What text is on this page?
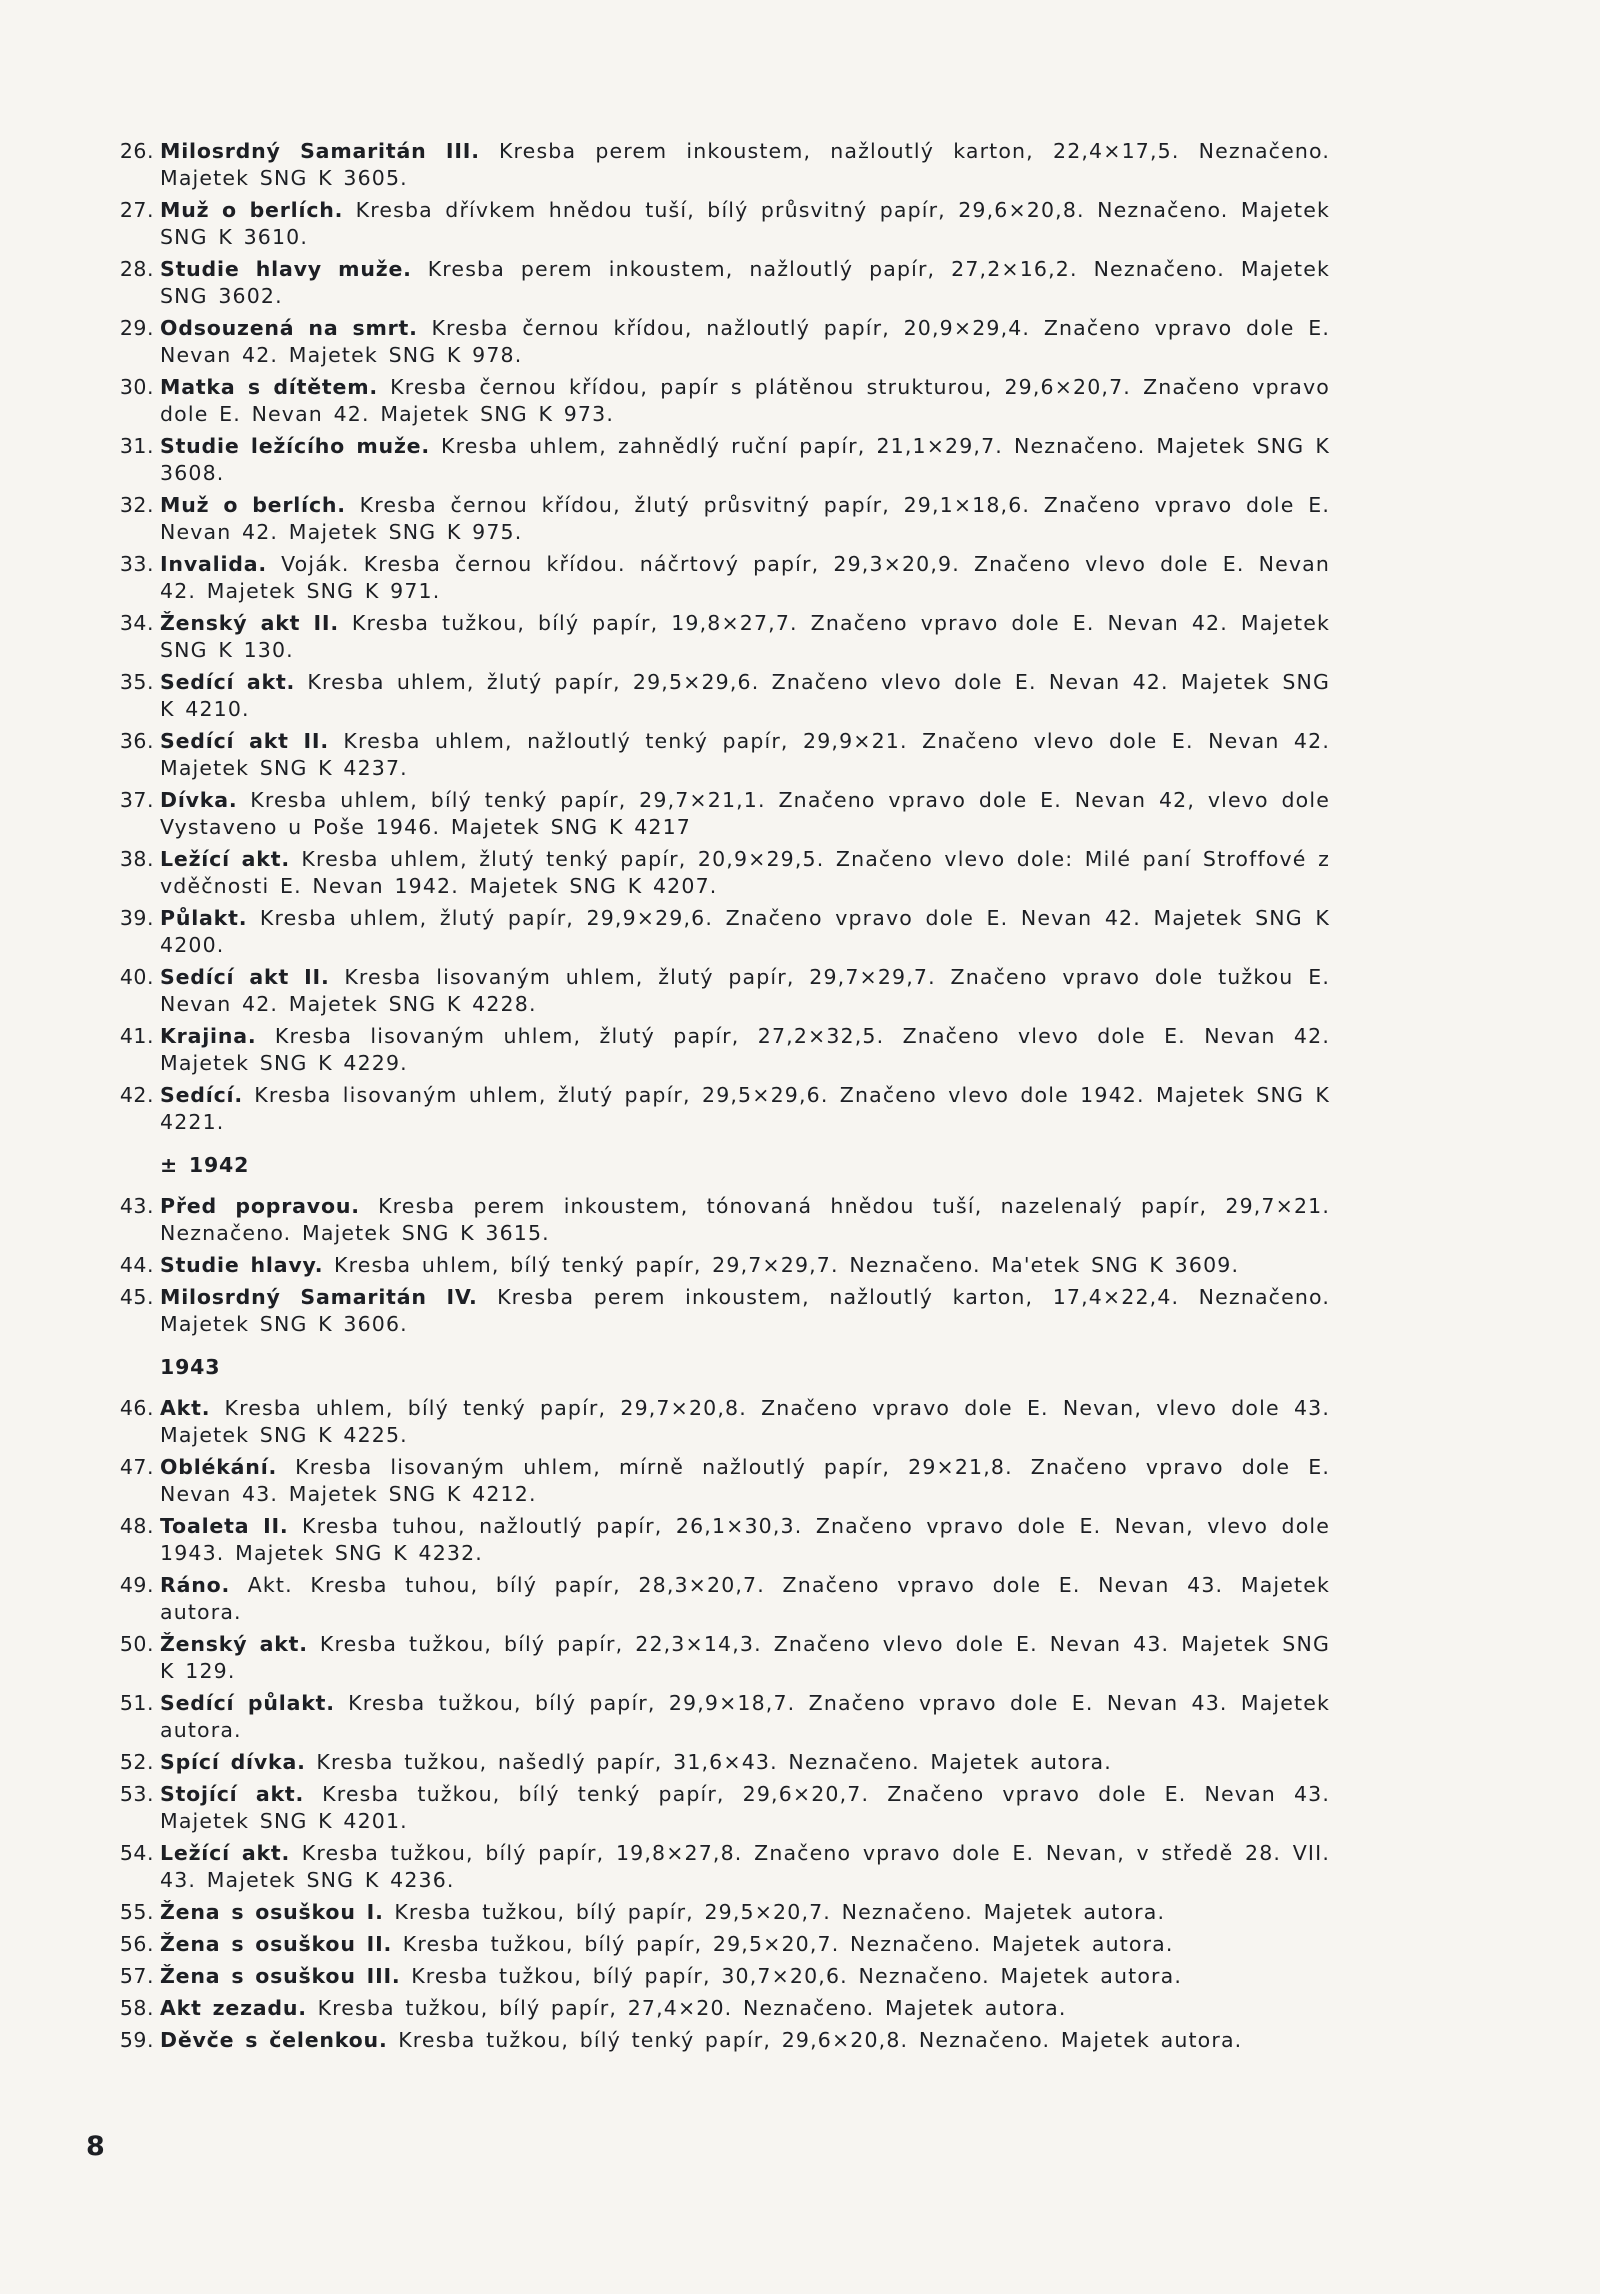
26. Milosrdný Samaritán III. Kresba perem inkoustem, nažloutlý karton, 22,4×17,5. Neznačeno. Majetek SNG K 3605.
27. Muž o berlích. Kresba dřívkem hnědou tuší, bílý průsvitný papír, 29,6×20,8. Neznačeno. Majetek SNG K 3610.
28. Studie hlavy muže. Kresba perem inkoustem, nažloutlý papír, 27,2×16,2. Neznačeno. Majetek SNG 3602.
29. Odsouzená na smrt. Kresba černou křídou, nažloutlý papír, 20,9×29,4. Značeno vpravo dole E. Nevan 42. Majetek SNG K 978.
30. Matka s dítětem. Kresba černou křídou, papír s plátěnou strukturou, 29,6×20,7. Značeno vpravo dole E. Nevan 42. Majetek SNG K 973.
31. Studie ležícího muže. Kresba uhlem, zahnědlý ruční papír, 21,1×29,7. Neznačeno. Majetek SNG K 3608.
32. Muž o berlích. Kresba černou křídou, žlutý průsvitný papír, 29,1×18,6. Značeno vpravo dole E. Nevan 42. Majetek SNG K 975.
33. Invalida. Voják. Kresba černou křídou. náčrtový papír, 29,3×20,9. Značeno vlevo dole E. Nevan 42. Majetek SNG K 971.
34. Ženský akt II. Kresba tužkou, bílý papír, 19,8×27,7. Značeno vpravo dole E. Nevan 42. Majetek SNG K 130.
35. Sedící akt. Kresba uhlem, žlutý papír, 29,5×29,6. Značeno vlevo dole E. Nevan 42. Majetek SNG K 4210.
36. Sedící akt II. Kresba uhlem, nažloutlý tenký papír, 29,9×21. Značeno vlevo dole E. Nevan 42. Majetek SNG K 4237.
37. Dívka. Kresba uhlem, bílý tenký papír, 29,7×21,1. Značeno vpravo dole E. Nevan 42, vlevo dole Vystaveno u Poše 1946. Majetek SNG K 4217
38. Ležící akt. Kresba uhlem, žlutý tenký papír, 20,9×29,5. Značeno vlevo dole: Milé paní Stroffové z vděčnosti E. Nevan 1942. Majetek SNG K 4207.
39. Půlakt. Kresba uhlem, žlutý papír, 29,9×29,6. Značeno vpravo dole E. Nevan 42. Majetek SNG K 4200.
40. Sedící akt II. Kresba lisovaným uhlem, žlutý papír, 29,7×29,7. Značeno vpravo dole tužkou E. Nevan 42. Majetek SNG K 4228.
41. Krajina. Kresba lisovaným uhlem, žlutý papír, 27,2×32,5. Značeno vlevo dole E. Nevan 42. Majetek SNG K 4229.
42. Sedící. Kresba lisovaným uhlem, žlutý papír, 29,5×29,6. Značeno vlevo dole 1942. Majetek SNG K 4221.
± 1942
43. Před popravou. Kresba perem inkoustem, tónovaná hnědou tuší, nazelenalý papír, 29,7×21. Neznačeno. Majetek SNG K 3615.
44. Studie hlavy. Kresba uhlem, bílý tenký papír, 29,7×29,7. Neznačeno. Ma'etek SNG K 3609.
45. Milosrdný Samaritán IV. Kresba perem inkoustem, nažloutlý karton, 17,4×22,4. Neznačeno. Majetek SNG K 3606.
1943
46. Akt. Kresba uhlem, bílý tenký papír, 29,7×20,8. Značeno vpravo dole E. Nevan, vlevo dole 43. Majetek SNG K 4225.
47. Oblékání. Kresba lisovaným uhlem, mírně nažloutlý papír, 29×21,8. Značeno vpravo dole E. Nevan 43. Majetek SNG K 4212.
48. Toaleta II. Kresba tuhou, nažloutlý papír, 26,1×30,3. Značeno vpravo dole E. Nevan, vlevo dole 1943. Majetek SNG K 4232.
49. Ráno. Akt. Kresba tuhou, bílý papír, 28,3×20,7. Značeno vpravo dole E. Nevan 43. Majetek autora.
50. Ženský akt. Kresba tužkou, bílý papír, 22,3×14,3. Značeno vlevo dole E. Nevan 43. Majetek SNG K 129.
51. Sedící půlakt. Kresba tužkou, bílý papír, 29,9×18,7. Značeno vpravo dole E. Nevan 43. Majetek autora.
52. Spící dívka. Kresba tužkou, našedlý papír, 31,6×43. Neznačeno. Majetek autora.
53. Stojící akt. Kresba tužkou, bílý tenký papír, 29,6×20,7. Značeno vpravo dole E. Nevan 43. Majetek SNG K 4201.
54. Ležící akt. Kresba tužkou, bílý papír, 19,8×27,8. Značeno vpravo dole E. Nevan, v středě 28. VII. 43. Majetek SNG K 4236.
55. Žena s osuškou I. Kresba tužkou, bílý papír, 29,5×20,7. Neznačeno. Majetek autora.
56. Žena s osuškou II. Kresba tužkou, bílý papír, 29,5×20,7. Neznačeno. Majetek autora.
57. Žena s osuškou III. Kresba tužkou, bílý papír, 30,7×20,6. Neznačeno. Majetek autora.
58. Akt zezadu. Kresba tužkou, bílý papír, 27,4×20. Neznačeno. Majetek autora.
59. Děvče s čelenkou. Kresba tužkou, bílý tenký papír, 29,6×20,8. Neznačeno. Majetek autora.
8
